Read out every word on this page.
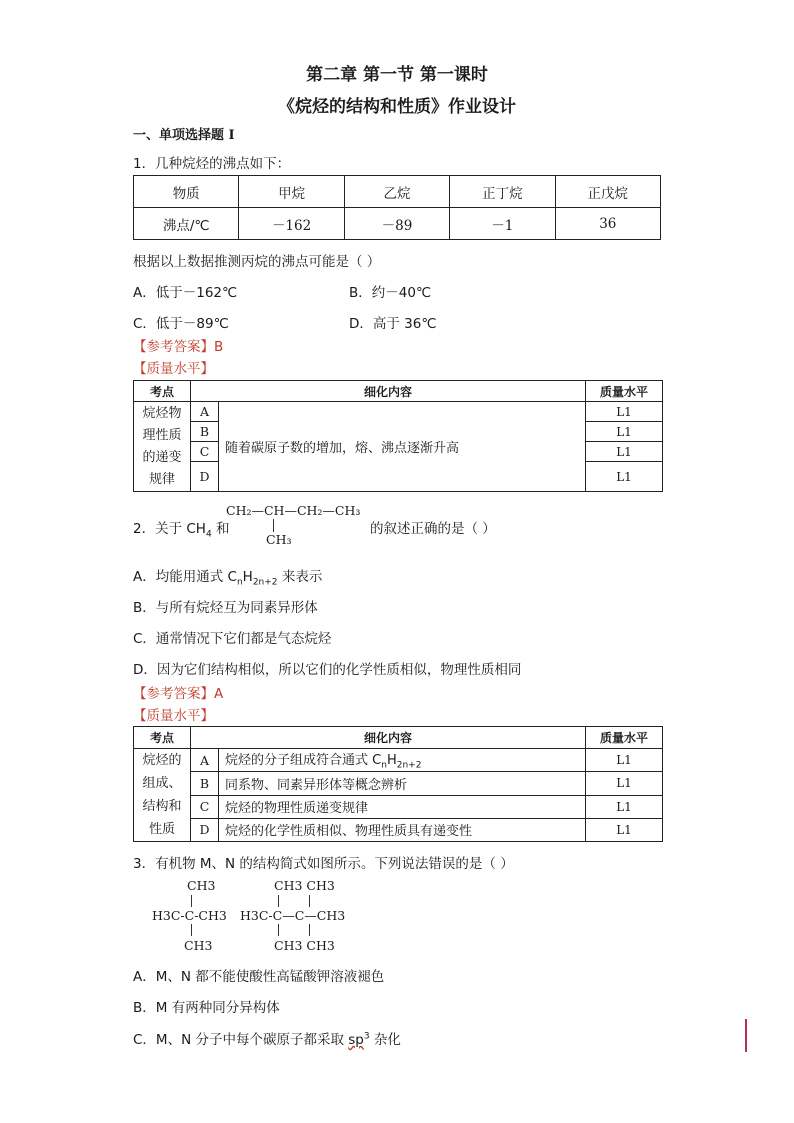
第二章 第一节 第一课时
《烷烃的结构和性质》作业设计
一、单项选择题 I
1．几种烷烃的沸点如下：
物质	甲烷	乙烷	正丁烷	正戊烷
沸点/℃	－162	－89	－1	36
根据以上数据推测丙烷的沸点可能是（ ）
A．低于－162℃	B．约－40℃
C．低于－89℃	D．高于 36℃
【参考答案】B
【质量水平】
考点	细化内容		质量水平

烷烃物
理性质
的递变
规律	A	随着碳原子数的增加，熔、沸点逐渐升高	L1
	B		L1
	C		L1
	D		L1
2．关于 $CH_4$ 和
CH₂—CH—CH₂—CH₃
CH₃
的叙述正确的是（ ）
A．均能用通式 $C_nH_{2n+2}$ 来表示
B．与所有烷烃互为同素异形体
C．通常情况下它们都是气态烷烃
D．因为它们结构相似，所以它们的化学性质相似，物理性质相同
【参考答案】A
【质量水平】
考点	细化内容		质量水平

烷烃的
组成、
结构和
性质	A	烷烃的分子组成符合通式 $C_nH_{2n+2}$	L1
	B	同系物、同素异形体等概念辨析	L1
	C	烷烃的物理性质递变规律	L1
	D	烷烃的化学性质相似、物理性质具有递变性	L1
3．有机物 M、N 的结构简式如图所示。下列说法错误的是（ ）
CH3
H3C-C-CH3
CH3
CH3 CH3
H3C-C—C—CH3
CH3 CH3
A．M、N 都不能使酸性高锰酸钾溶液褪色
B．M 有两种同分异构体
C．M、N 分子中每个碳原子都采取 $sp^3$ 杂化
